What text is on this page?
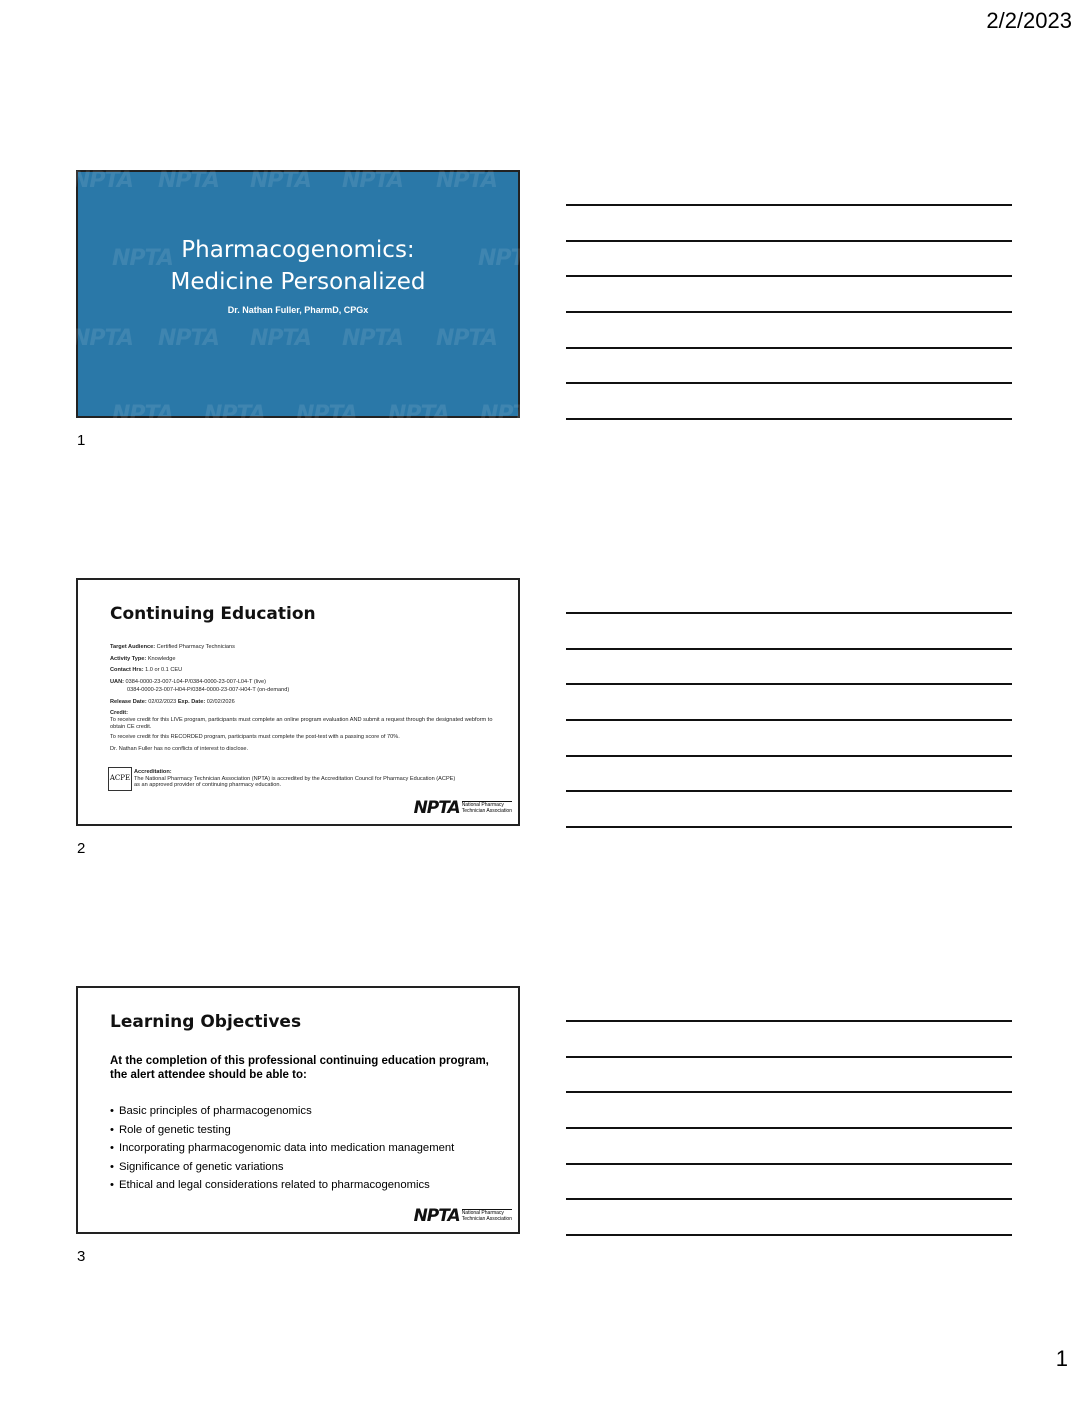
2/2/2023
NPTA NPTA NPTA NPTA NPTA
NPTA	NPTA
NPTA NPTA NPTA NPTA NPTA
NPTA NPTA NPTA NPTA NPTA
Pharmacogenomics:
Medicine Personalized
Dr. Nathan Fuller, PharmD, CPGx
1
Continuing Education
Target Audience: Certified Pharmacy Technicians
Activity Type: Knowledge
Contact Hrs: 1.0 or 0.1 CEU
UAN: 0384-0000-23-007-L04-P/0384-0000-23-007-L04-T (live)
0384-0000-23-007-H04-P/0384-0000-23-007-H04-T (on-demand)
Release Date: 02/02/2023 Exp. Date: 02/02/2026
Credit:
To receive credit for this LIVE program, participants must complete an online program evaluation AND submit a request through the designated webform to obtain CE credit.
To receive credit for this RECORDED program, participants must complete the post-test with a passing score of 70%.
Dr. Nathan Fuller has no conflicts of interest to disclose.
ACPE
Accreditation:
The National Pharmacy Technician Association (NPTA) is accredited by the Accreditation Council for Pharmacy Education (ACPE) as an approved provider of continuing pharmacy education.
NPTA National Pharmacy
Technician Association
2
Learning Objectives
At the completion of this professional continuing education program, the alert attendee should be able to:
• Basic principles of pharmacogenomics
• Role of genetic testing
• Incorporating pharmacogenomic data into medication management
• Significance of genetic variations
• Ethical and legal considerations related to pharmacogenomics
NPTA National Pharmacy
Technician Association
3
1
